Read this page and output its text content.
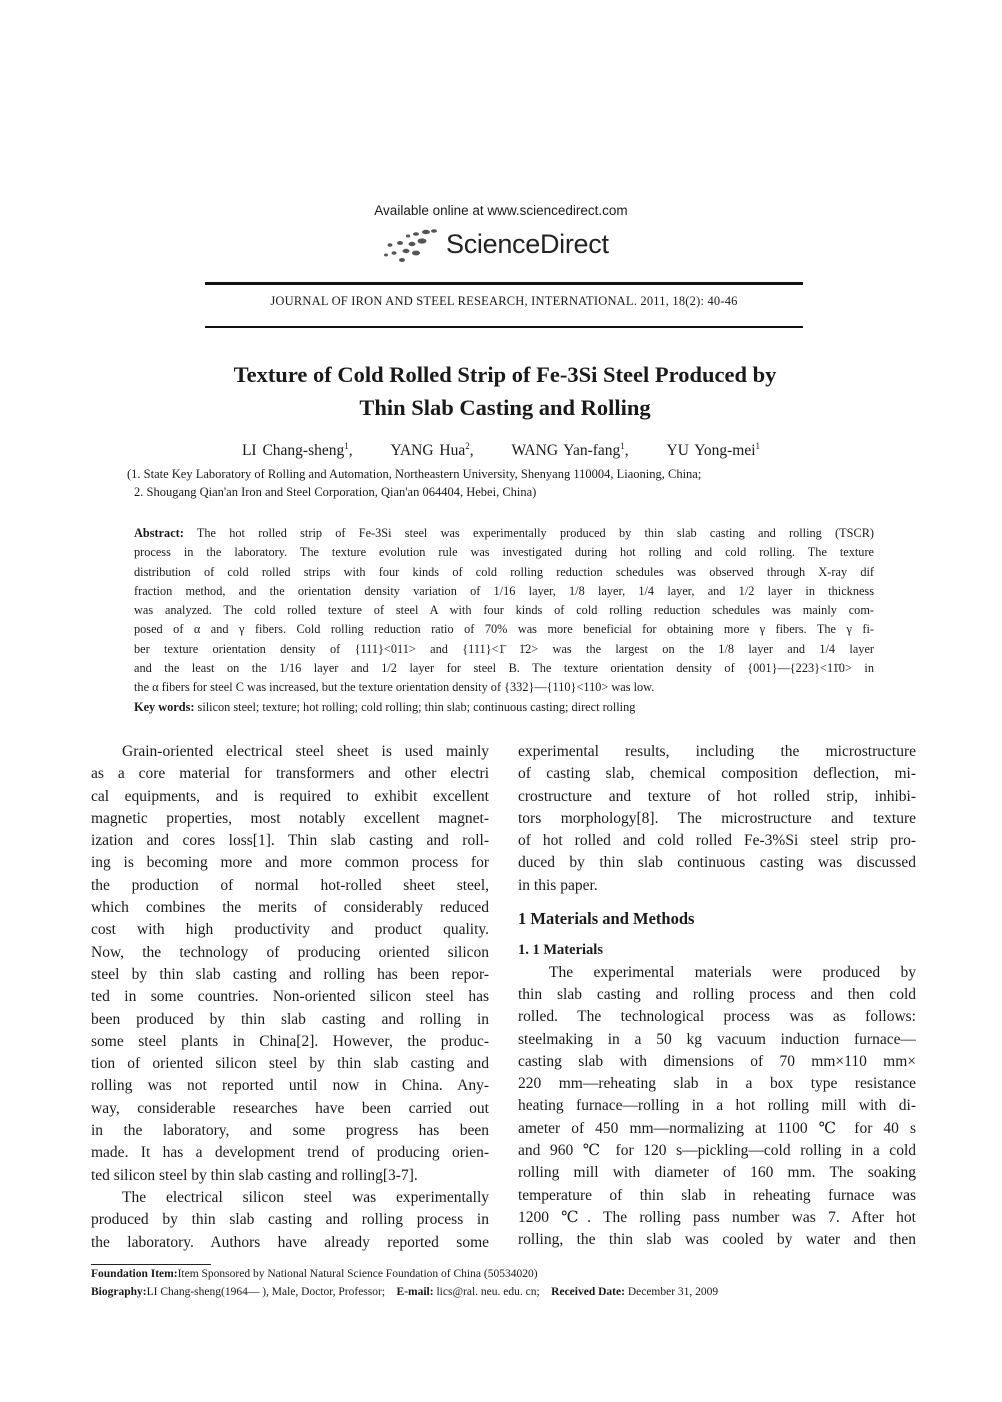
Available online at www.sciencedirect.com
ScienceDirect
JOURNAL OF IRON AND STEEL RESEARCH, INTERNATIONAL. 2011, 18(2): 40-46
Texture of Cold Rolled Strip of Fe-3Si Steel Produced by
Thin Slab Casting and Rolling
LI Chang-sheng$^1$, YANG Hua$^2$, WANG Yan-fang$^1$, YU Yong-mei$^1$
(1. State Key Laboratory of Rolling and Automation, Northeastern University, Shenyang 110004, Liaoning, China;
2. Shougang Qian'an Iron and Steel Corporation, Qian'an 064404, Hebei, China)
Abstract: The hot rolled strip of Fe-3Si steel was experimentally produced by thin slab casting and rolling (TSCR)
process in the laboratory. The texture evolution rule was investigated during hot rolling and cold rolling. The texture
distribution of cold rolled strips with four kinds of cold rolling reduction schedules was observed through X-ray dif
fraction method, and the orientation density variation of 1/16 layer, 1/8 layer, 1/4 layer, and 1/2 layer in thickness
was analyzed. The cold rolled texture of steel A with four kinds of cold rolling reduction schedules was mainly com-
posed of α and γ fibers. Cold rolling reduction ratio of 70% was more beneficial for obtaining more γ fibers. The γ fi-
ber texture orientation density of {111}<011> and {111}<1̄ 1̄2> was the largest on the 1/8 layer and 1/4 layer
and the least on the 1/16 layer and 1/2 layer for steel B. The texture orientation density of {001}—{223}<11̄0> in
the α fibers for steel C was increased, but the texture orientation density of {332}—{110}<110> was low.
Key words: silicon steel; texture; hot rolling; cold rolling; thin slab; continuous casting; direct rolling
Grain-oriented electrical steel sheet is used mainly
as a core material for transformers and other electri
cal equipments, and is required to exhibit excellent
magnetic properties, most notably excellent magnet-
ization and cores loss[1]. Thin slab casting and roll-
ing is becoming more and more common process for
the production of normal hot-rolled sheet steel,
which combines the merits of considerably reduced
cost with high productivity and product quality.
Now, the technology of producing oriented silicon
steel by thin slab casting and rolling has been repor-
ted in some countries. Non-oriented silicon steel has
been produced by thin slab casting and rolling in
some steel plants in China[2]. However, the produc-
tion of oriented silicon steel by thin slab casting and
rolling was not reported until now in China. Any-
way, considerable researches have been carried out
in the laboratory, and some progress has been
made. It has a development trend of producing orien-
ted silicon steel by thin slab casting and rolling[3-7].
The electrical silicon steel was experimentally
produced by thin slab casting and rolling process in
the laboratory. Authors have already reported some
experimental results, including the microstructure
of casting slab, chemical composition deflection, mi-
crostructure and texture of hot rolled strip, inhibi-
tors morphology[8]. The microstructure and texture
of hot rolled and cold rolled Fe-3%Si steel strip pro-
duced by thin slab continuous casting was discussed
in this paper.
1 Materials and Methods
1. 1 Materials
The experimental materials were produced by
thin slab casting and rolling process and then cold
rolled. The technological process was as follows:
steelmaking in a 50 kg vacuum induction furnace—
casting slab with dimensions of 70 mm×110 mm×
220 mm—reheating slab in a box type resistance
heating furnace—rolling in a hot rolling mill with di-
ameter of 450 mm—normalizing at 1100 ℃ for 40 s
and 960 ℃ for 120 s—pickling—cold rolling in a cold
rolling mill with diameter of 160 mm. The soaking
temperature of thin slab in reheating furnace was
1200 ℃. The rolling pass number was 7. After hot
rolling, the thin slab was cooled by water and then
Foundation Item:Item Sponsored by National Natural Science Foundation of China (50534020)
Biography:LI Chang-sheng(1964— ), Male, Doctor, Professor; E-mail: lics@ral. neu. edu. cn; Received Date: December 31, 2009
